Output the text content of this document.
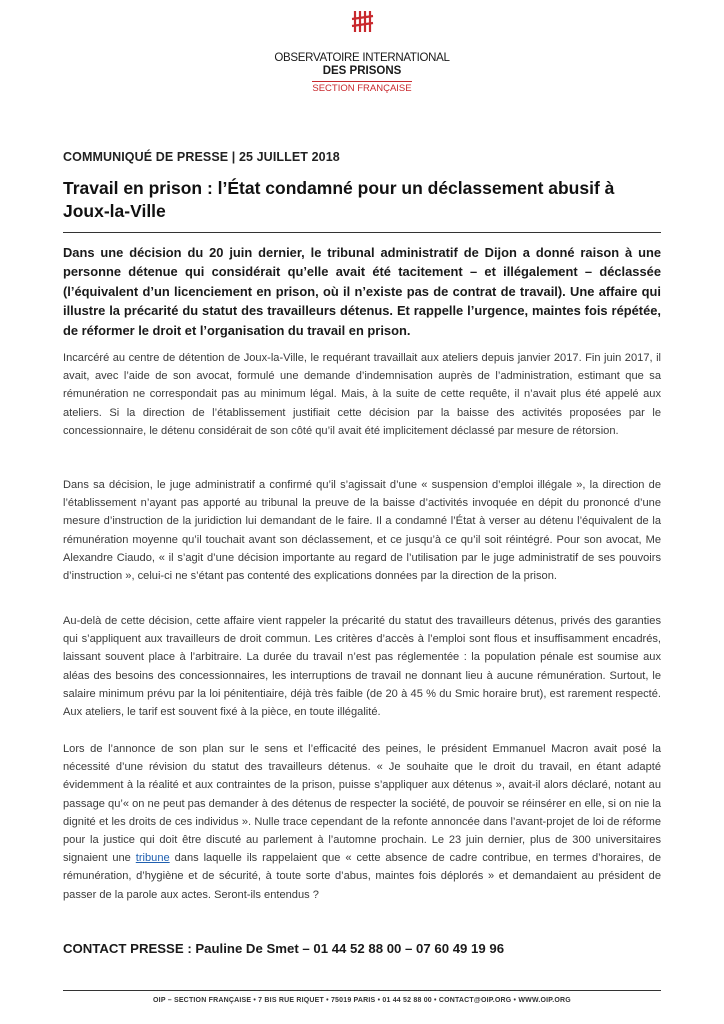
OBSERVATOIRE INTERNATIONAL
DES PRISONS
SECTION FRANÇAISE
COMMUNIQUÉ DE PRESSE | 25 JUILLET 2018
Travail en prison : l’État condamné pour un déclassement abusif à Joux-la-Ville

Dans une décision du 20 juin dernier, le tribunal administratif de Dijon a donné raison à une personne détenue qui considérait qu’elle avait été tacitement – et illégalement – déclassée (l’équivalent d’un licenciement en prison, où il n’existe pas de contrat de travail). Une affaire qui illustre la précarité du statut des travailleurs détenus. Et rappelle l’urgence, maintes fois répétée, de réformer le droit et l’organisation du travail en prison.

Incarcéré au centre de détention de Joux-la-Ville, le requérant travaillait aux ateliers depuis janvier 2017. Fin juin 2017, il avait, avec l’aide de son avocat, formulé une demande d’indemnisation auprès de l’administration, estimant que sa rémunération ne correspondait pas au minimum légal. Mais, à la suite de cette requête, il n’avait plus été appelé aux ateliers. Si la direction de l’établissement justifiait cette décision par la baisse des activités proposées par le concessionnaire, le détenu considérait de son côté qu’il avait été implicitement déclassé par mesure de rétorsion.

Dans sa décision, le juge administratif a confirmé qu’il s’agissait d’une « suspension d’emploi illégale », la direction de l’établissement n’ayant pas apporté au tribunal la preuve de la baisse d’activités invoquée en dépit du prononcé d’une mesure d’instruction de la juridiction lui demandant de le faire. Il a condamné l’État à verser au détenu l’équivalent de la rémunération moyenne qu’il touchait avant son déclassement, et ce jusqu’à ce qu’il soit réintégré. Pour son avocat, Me Alexandre Ciaudo, « il s’agit d’une décision importante au regard de l’utilisation par le juge administratif de ses pouvoirs d’instruction », celui-ci ne s’étant pas contenté des explications données par la direction de la prison.

Au-delà de cette décision, cette affaire vient rappeler la précarité du statut des travailleurs détenus, privés des garanties qui s’appliquent aux travailleurs de droit commun. Les critères d’accès à l’emploi sont flous et insuffisamment encadrés, laissant souvent place à l’arbitraire. La durée du travail n’est pas réglementée : la population pénale est soumise aux aléas des besoins des concessionnaires, les interruptions de travail ne donnant lieu à aucune rémunération. Surtout, le salaire minimum prévu par la loi pénitentiaire, déjà très faible (de 20 à 45 % du Smic horaire brut), est rarement respecté. Aux ateliers, le tarif est souvent fixé à la pièce, en toute illégalité.

Lors de l’annonce de son plan sur le sens et l’efficacité des peines, le président Emmanuel Macron avait posé la nécessité d’une révision du statut des travailleurs détenus. « Je souhaite que le droit du travail, en étant adapté évidemment à la réalité et aux contraintes de la prison, puisse s’appliquer aux détenus », avait-il alors déclaré, notant au passage qu’« on ne peut pas demander à des détenus de respecter la société, de pouvoir se réinsérer en elle, si on nie la dignité et les droits de ces individus ». Nulle trace cependant de la refonte annoncée dans l’avant-projet de loi de réforme pour la justice qui doit être discuté au parlement à l’automne prochain. Le 23 juin dernier, plus de 300 universitaires signaient une tribune dans laquelle ils rappelaient que « cette absence de cadre contribue, en termes d’horaires, de rémunération, d’hygiène et de sécurité, à toute sorte d’abus, maintes fois déplorés » et demandaient au président de passer de la parole aux actes. Seront-ils entendus ?

CONTACT PRESSE : Pauline De Smet – 01 44 52 88 00 – 07 60 49 19 96
OIP – SECTION FRANÇAISE • 7 BIS RUE RIQUET • 75019 PARIS • 01 44 52 88 00 • CONTACT@OIP.ORG • WWW.OIP.ORG
